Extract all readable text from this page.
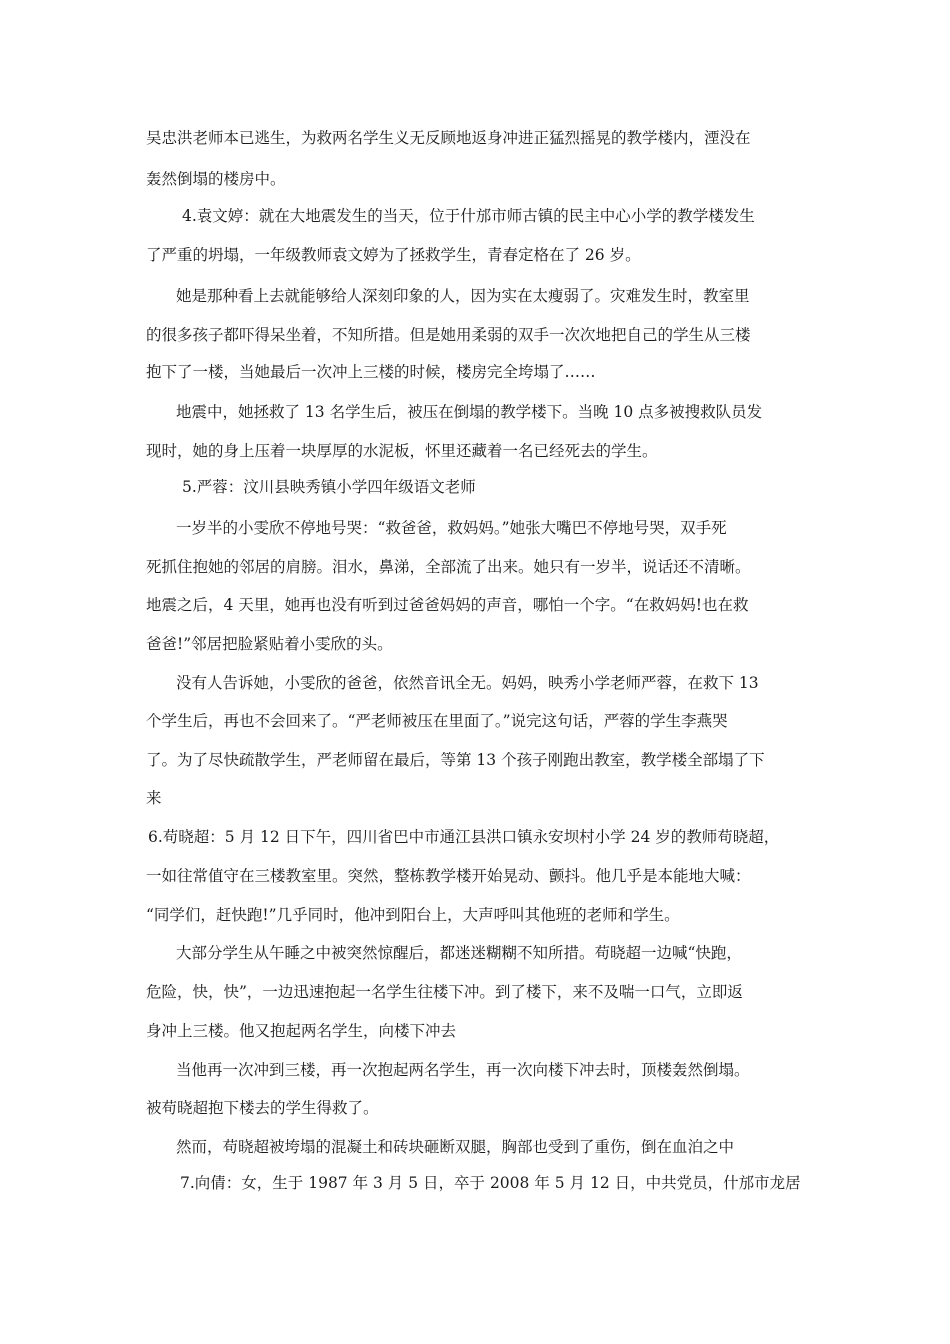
吴忠洪老师本已逃生，为救两名学生义无反顾地返身冲进正猛烈摇晃的教学楼内，湮没在
轰然倒塌的楼房中。
4.袁文婷：就在大地震发生的当天，位于什邡市师古镇的民主中心小学的教学楼发生
了严重的坍塌，一年级教师袁文婷为了拯救学生，青春定格在了 26 岁。
她是那种看上去就能够给人深刻印象的人，因为实在太瘦弱了。灾难发生时，教室里
的很多孩子都吓得呆坐着，不知所措。但是她用柔弱的双手一次次地把自己的学生从三楼
抱下了一楼，当她最后一次冲上三楼的时候，楼房完全垮塌了……
地震中，她拯救了 13 名学生后，被压在倒塌的教学楼下。当晚 10 点多被搜救队员发
现时，她的身上压着一块厚厚的水泥板，怀里还藏着一名已经死去的学生。
5.严蓉：汶川县映秀镇小学四年级语文老师
一岁半的小雯欣不停地号哭：“救爸爸，救妈妈。”她张大嘴巴不停地号哭，双手死
死抓住抱她的邻居的肩膀。泪水，鼻涕，全部流了出来。她只有一岁半，说话还不清晰。
地震之后，4 天里，她再也没有听到过爸爸妈妈的声音，哪怕一个字。“在救妈妈!也在救
爸爸!”邻居把脸紧贴着小雯欣的头。
没有人告诉她，小雯欣的爸爸，依然音讯全无。妈妈，映秀小学老师严蓉，在救下 13
个学生后，再也不会回来了。“严老师被压在里面了。”说完这句话，严蓉的学生李燕哭
了。为了尽快疏散学生，严老师留在最后，等第 13 个孩子刚跑出教室，教学楼全部塌了下
来
6.苟晓超：5 月 12 日下午，四川省巴中市通江县洪口镇永安坝村小学 24 岁的教师苟晓超，
一如往常值守在三楼教室里。突然，整栋教学楼开始晃动、颤抖。他几乎是本能地大喊：
“同学们，赶快跑!”几乎同时，他冲到阳台上，大声呼叫其他班的老师和学生。
大部分学生从午睡之中被突然惊醒后，都迷迷糊糊不知所措。苟晓超一边喊“快跑，
危险，快，快”，一边迅速抱起一名学生往楼下冲。到了楼下，来不及喘一口气，立即返
身冲上三楼。他又抱起两名学生，向楼下冲去
当他再一次冲到三楼，再一次抱起两名学生，再一次向楼下冲去时，顶楼轰然倒塌。
被苟晓超抱下楼去的学生得救了。
然而，苟晓超被垮塌的混凝土和砖块砸断双腿，胸部也受到了重伤，倒在血泊之中
7.向倩：女，生于 1987 年 3 月 5 日，卒于 2008 年 5 月 12 日，中共党员，什邡市龙居
